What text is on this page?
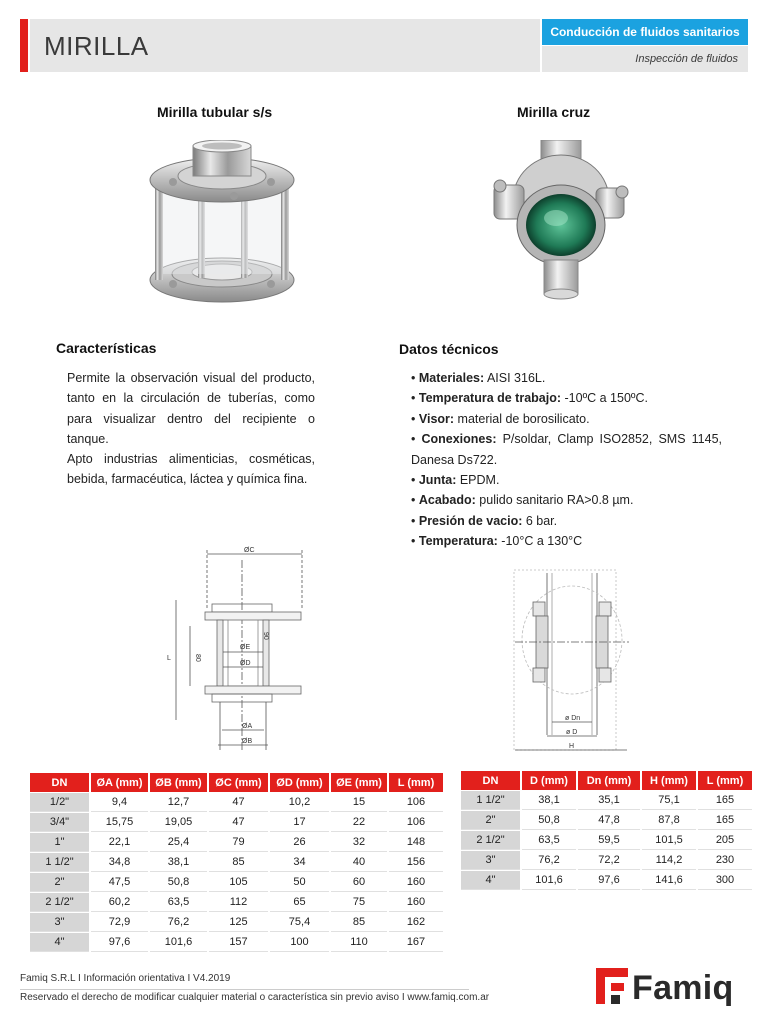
MIRILLA	Conducción de fluidos sanitarios
Inspección de fluidos
Mirilla tubular s/s	Mirilla cruz
Características	Datos técnicos

Permite la observación visual del producto, tanto en la circulación de tuberías, como para visualizar dentro del recipiente o tanque.

Apto industrias alimenticias, cosméticas, bebida, farmacéutica, láctea y química fina.

• Materiales: AISI 316L.
• Temperatura de trabajo: -10ºC a 150ºC.
• Visor: material de borosilicato.
• Conexiones: P/soldar, Clamp ISO2852, SMS 1145, Danesa Ds722.
• Junta: EPDM.
• Acabado: pulido sanitario RA>0.8 µm.
• Presión de vacio: 6 bar.
• Temperatura: -10°C a 130°C
ØC
L	80
90
ØE
ØD
ØA
ØB
ø Dn
ø D
H
DN	ØA (mm)	ØB (mm)	ØC (mm)	ØD (mm)	ØE (mm)	L (mm)
1/2"	9,4	12,7	47	10,2	15	106
3/4"	15,75	19,05	47	17	22	106
1"	22,1	25,4	79	26	32	148
1 1/2"	34,8	38,1	85	34	40	156
2"	47,5	50,8	105	50	60	160
2 1/2"	60,2	63,5	112	65	75	160
3"	72,9	76,2	125	75,4	85	162
4"	97,6	101,6	157	100	110	167
DN	D (mm)	Dn (mm)	H (mm)	L (mm)
1 1/2"	38,1	35,1	75,1	165
2"	50,8	47,8	87,8	165
2 1/2"	63,5	59,5	101,5	205
3"	76,2	72,2	114,2	230
4"	101,6	97,6	141,6	300
Famiq S.R.L I Información orientativa I V4.2019
Reservado el derecho de modificar cualquier material o característica sin previo aviso I www.famiq.com.ar	Famiq
